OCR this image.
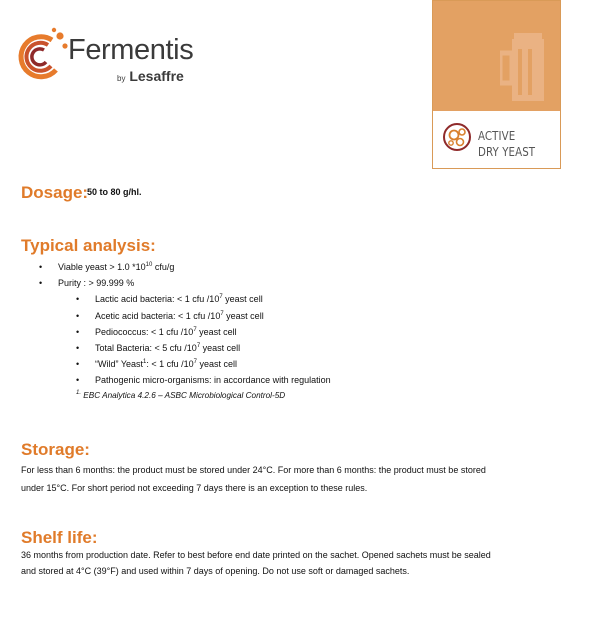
Fermentis
by Lesaffre
ACTIVE
DRY YEAST
Dosage:
50 to 80 g/hl.
Typical analysis:
• Viable yeast > 1.0 $*10^{10}$ cfu/g
• Purity : > 99.999 %
• Lactic acid bacteria: < 1 cfu $/10^7$ yeast cell
• Acetic acid bacteria: < 1 cfu $/10^7$ yeast cell
• Pediococcus: < 1 cfu $/10^7$ yeast cell
• Total Bacteria: < 5 cfu $/10^7$ yeast cell
• “Wild” Yeast$^1$: < 1 cfu $/10^7$ yeast cell
• Pathogenic micro-organisms: in accordance with regulation
$^{1.}$ EBC Analytica 4.2.6 – ASBC Microbiological Control-5D
Storage:
For less than 6 months: the product must be stored under 24°C. For more than 6 months: the product must be stored
under 15°C. For short period not exceeding 7 days there is an exception to these rules.
Shelf life:
36 months from production date. Refer to best before end date printed on the sachet. Opened sachets must be sealed
and stored at 4°C (39°F) and used within 7 days of opening. Do not use soft or damaged sachets.
